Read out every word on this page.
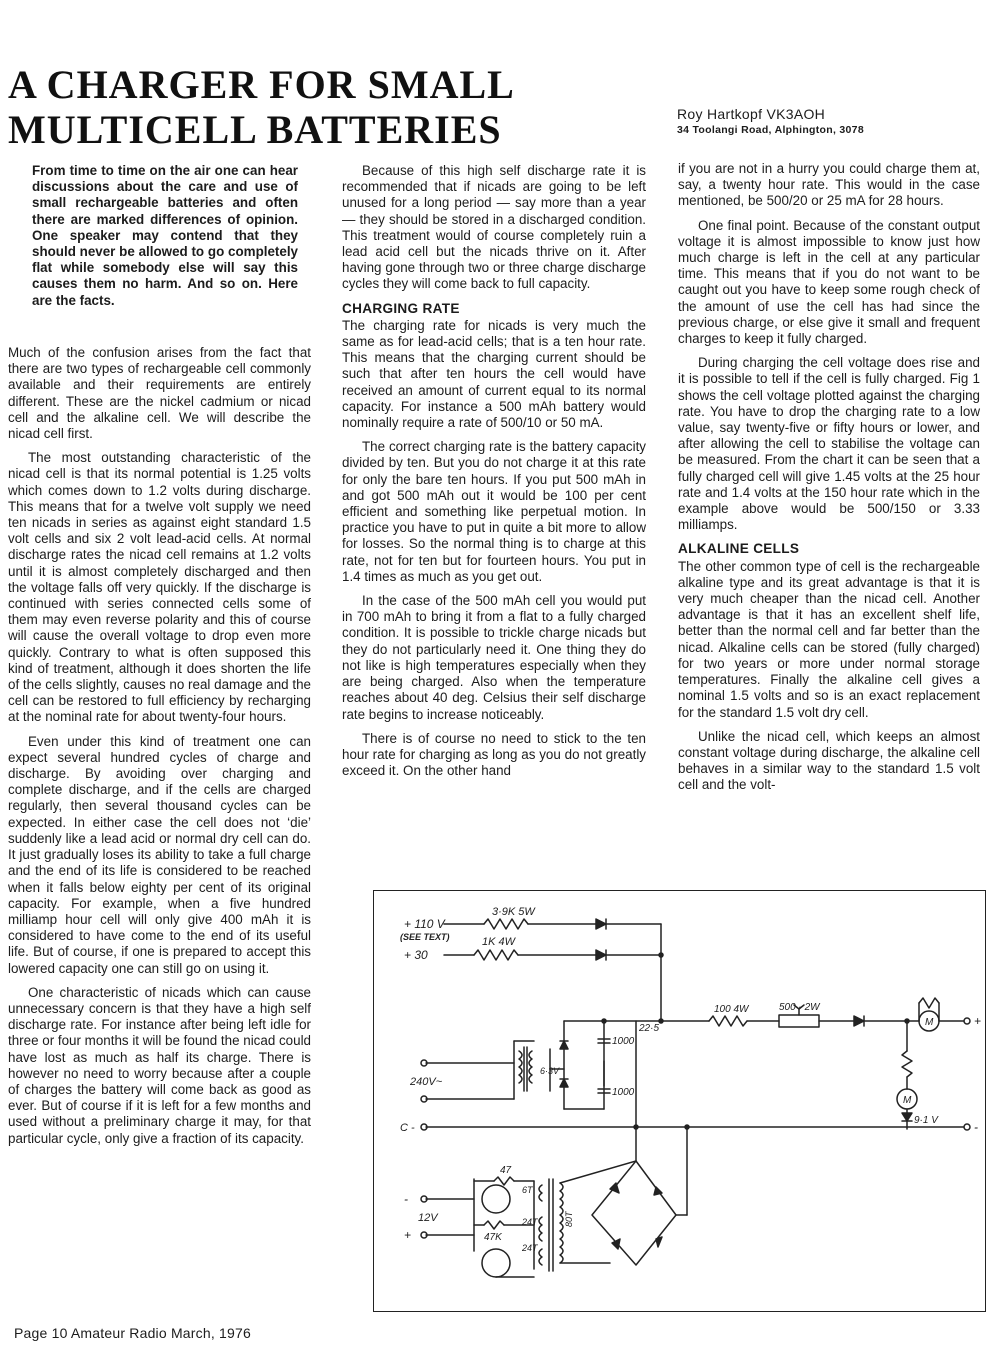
A CHARGER FOR SMALL
MULTICELL BATTERIES	Roy Hartkopf VK3AOH
34 Toolangi Road, Alphington, 3078

From time to time on the air one can hear discussions about the care and use of small rechargeable batteries and often there are marked differences of opinion. One speaker may contend that they should never be allowed to go completely flat while somebody else will say this causes them no harm. And so on. Here are the facts.

Much of the confusion arises from the fact that there are two types of rechargeable cell commonly available and their requirements are entirely different. These are the nickel cadmium or nicad cell and the alkaline cell. We will describe the nicad cell first.

The most outstanding characteristic of the nicad cell is that its normal potential is 1.25 volts which comes down to 1.2 volts during discharge. This means that for a twelve volt supply we need ten nicads in series as against eight standard 1.5 volt cells and six 2 volt lead-acid cells. At normal discharge rates the nicad cell remains at 1.2 volts until it is almost completely discharged and then the voltage falls off very quickly. If the discharge is continued with series connected cells some of them may even reverse polarity and this of course will cause the overall voltage to drop even more quickly. Contrary to what is often supposed this kind of treatment, although it does shorten the life of the cells slightly, causes no real damage and the cell can be restored to full efficiency by recharging at the nominal rate for about twenty-four hours.

Even under this kind of treatment one can expect several hundred cycles of charge and discharge. By avoiding over charging and complete discharge, and if the cells are charged regularly, then several thousand cycles can be expected. In either case the cell does not ‘die’ suddenly like a lead acid or normal dry cell can do. It just gradually loses its ability to take a full charge and the end of its life is considered to be reached when it falls below eighty per cent of its original capacity. For example, when a five hundred milliamp hour cell will only give 400 mAh it is considered to have come to the end of its useful life. But of course, if one is prepared to accept this lowered capacity one can still go on using it.

One characteristic of nicads which can cause unnecessary concern is that they have a high self discharge rate. For instance after being left idle for three or four months it will be found the nicad could have lost as much as half its charge. There is however no need to worry because after a couple of charges the battery will come back as good as ever. But of course if it is left for a few months and used without a preliminary charge it may, for that particular cycle, only give a fraction of its capacity.

Because of this high self discharge rate it is recommended that if nicads are going to be left unused for a long period — say more than a year — they should be stored in a discharged condition. This treatment would of course completely ruin a lead acid cell but the nicads thrive on it. After having gone through two or three charge discharge cycles they will come back to full capacity.

CHARGING RATE

The charging rate for nicads is very much the same as for lead-acid cells; that is a ten hour rate. This means that the charging current should be such that after ten hours the cell would have received an amount of current equal to its normal capacity. For instance a 500 mAh battery would nominally require a rate of 500/10 or 50 mA.

The correct charging rate is the battery capacity divided by ten. But you do not charge it at this rate for only the bare ten hours. If you put 500 mAh in and got 500 mAh out it would be 100 per cent efficient and something like perpetual motion. In practice you have to put in quite a bit more to allow for losses. So the normal thing is to charge at this rate, not for ten but for fourteen hours. You put in 1.4 times as much as you get out.

In the case of the 500 mAh cell you would put in 700 mAh to bring it from a flat to a fully charged condition. It is possible to trickle charge nicads but they do not particularly need it. One thing they do not like is high temperatures especially when they are being charged. Also when the temperature reaches about 40 deg. Celsius their self discharge rate begins to increase noticeably.

There is of course no need to stick to the ten hour rate for charging as long as you do not greatly exceed it. On the other hand

if you are not in a hurry you could charge them at, say, a twenty hour rate. This would in the case mentioned, be 500/20 or 25 mA for 28 hours.

One final point. Because of the constant output voltage it is almost impossible to know just how much charge is left in the cell at any particular time. This means that if you do not want to be caught out you have to keep some rough check of the amount of use the cell has had since the previous charge, or else give it small and frequent charges to keep it fully charged.

During charging the cell voltage does rise and it is possible to tell if the cell is fully charged. Fig 1 shows the cell voltage plotted against the charging rate. You have to drop the charging rate to a low value, say twenty-five or fifty hours or lower, and after allowing the cell to stabilise the voltage can be measured. From the chart it can be seen that a fully charged cell will give 1.45 volts at the 25 hour rate and 1.4 volts at the 150 hour rate which in the example above would be 500/150 or 3.33 milliamps.

ALKALINE CELLS

The other common type of cell is the rechargeable alkaline type and its great advantage is that it is very much cheaper than the nicad cell. Another advantage is that it has an excellent shelf life, better than the normal cell and far better than the nicad. Alkaline cells can be stored (fully charged) for two years or more under normal storage temperatures. Finally the alkaline cell gives a nominal 1.5 volts and so is an exact replacement for the standard 1.5 volt dry cell.

Unlike the nicad cell, which keeps an almost constant voltage during discharge, the alkaline cell behaves in a similar way to the standard 1.5 volt cell and the volt-

+ 110 V
(SEE TEXT)
3·9K 5W
+ 30
1K 4W
100 4W	500 - 2W
22·5
1000
1000
6·3V
240V~
C -
M
M
9·1 V
+
-
-
12V
+
47
47K
6T
24T
24T
80T
Page 10 Amateur Radio March, 1976
